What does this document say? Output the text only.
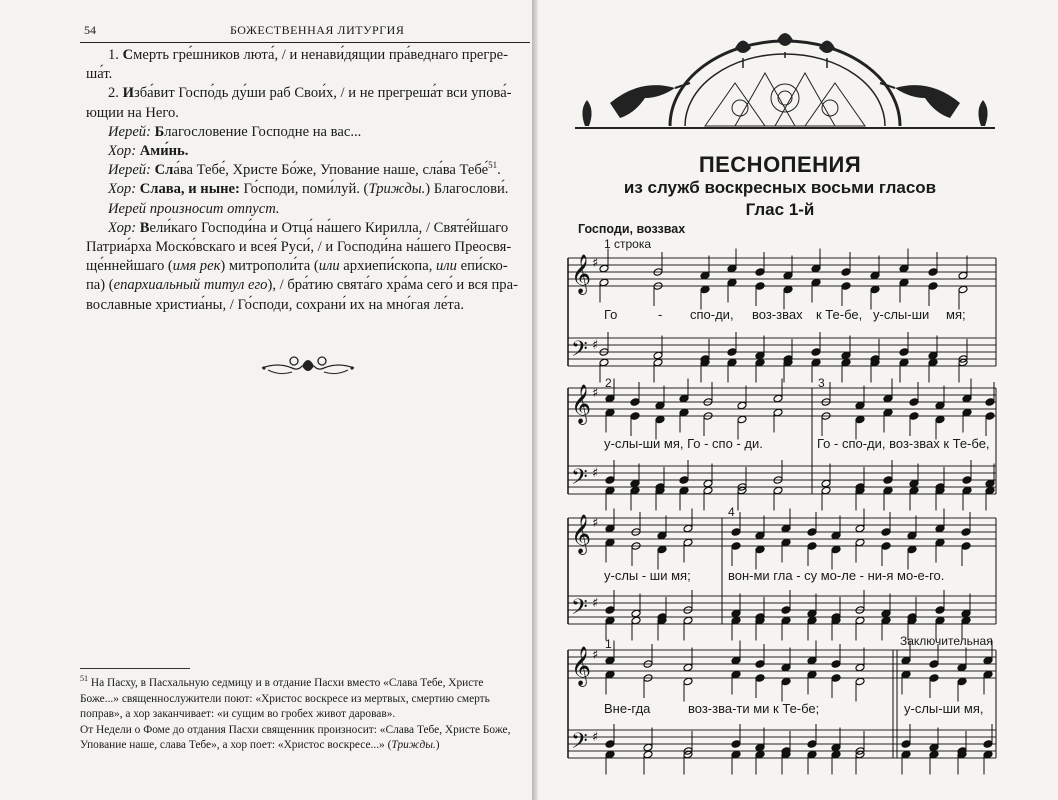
54	БОЖЕСТВЕННАЯ ЛИТУРГИЯ

1. Смерть гре́шников люта́, / и ненави́дящии пра́веднаго прегре-

ша́т.

2. Изба́вит Госпо́дь ду́ши раб Свои́х, / и не прегреша́т вси упова́-

ющии на Него.

Иерей: Благословение Господне на вас...

Хор: Ами́нь.

Иерей: Сла́ва Тебе́, Христе Бо́же, Упование наше, сла́ва Тебе́$^{51}$.

Хор: Слава, и ныне: Го́споди, поми́луй. (Трижды.) Благослови́.

Иерей произносит отпуст.

Хор: Вели́каго Господи́на и Отца́ на́шего Кирилла, / Святе́йшаго

Патриа́рха Моско́вскаго и всея́ Руси́, / и Господи́на на́шего Преосвя-

ще́ннейшаго (имя рек) митрополи́та (или архиепи́скопа, или епи́ско-

па) (епархиальный титул его), / бра́тию свята́го хра́ма сего́ и вся пра-

вославные христиа́ны, / Го́споди, сохрани́ их на мно́гая ле́та.

$^{51}$ На Пасху, в Пасхальную седмицу и в отдание Пасхи вместо «Слава Тебе, Христе

Боже...» священнослужители поют: «Христос воскресе из мертвых, смертию смерть

поправ», а хор заканчивает: «и сущим во гробех живот даровав».

От Недели о Фоме до отдания Пасхи священник произносит: «Слава Тебе, Христе Боже,

Упование наше, слава Тебе», а хор поет: «Христос воскресе...» (Трижды.)

ПЕСНОПЕНИЯ
из служб воскресных восьми гласов
Глас 1-й
Господи, воззвах
1 строка
2	3
4
1	Заключительная
𝄞
𝄢
♯
♯
𝄞
𝄢
♯
♯
𝄞
𝄢
♯
♯
𝄞
𝄢
♯
♯
Го	- спо-ди, воз-звах к Те-бе, у-слы-ши мя;
у-слы-ши мя, Го - спо - ди.	Го - спо-ди, воз-звах к Те-бе,
у-слы - ши мя;	вон-ми гла - су мо-ле - ни-я мо-е-го.
Вне-гда	воз-зва-ти ми к Те-бе;	у-слы-ши мя,
